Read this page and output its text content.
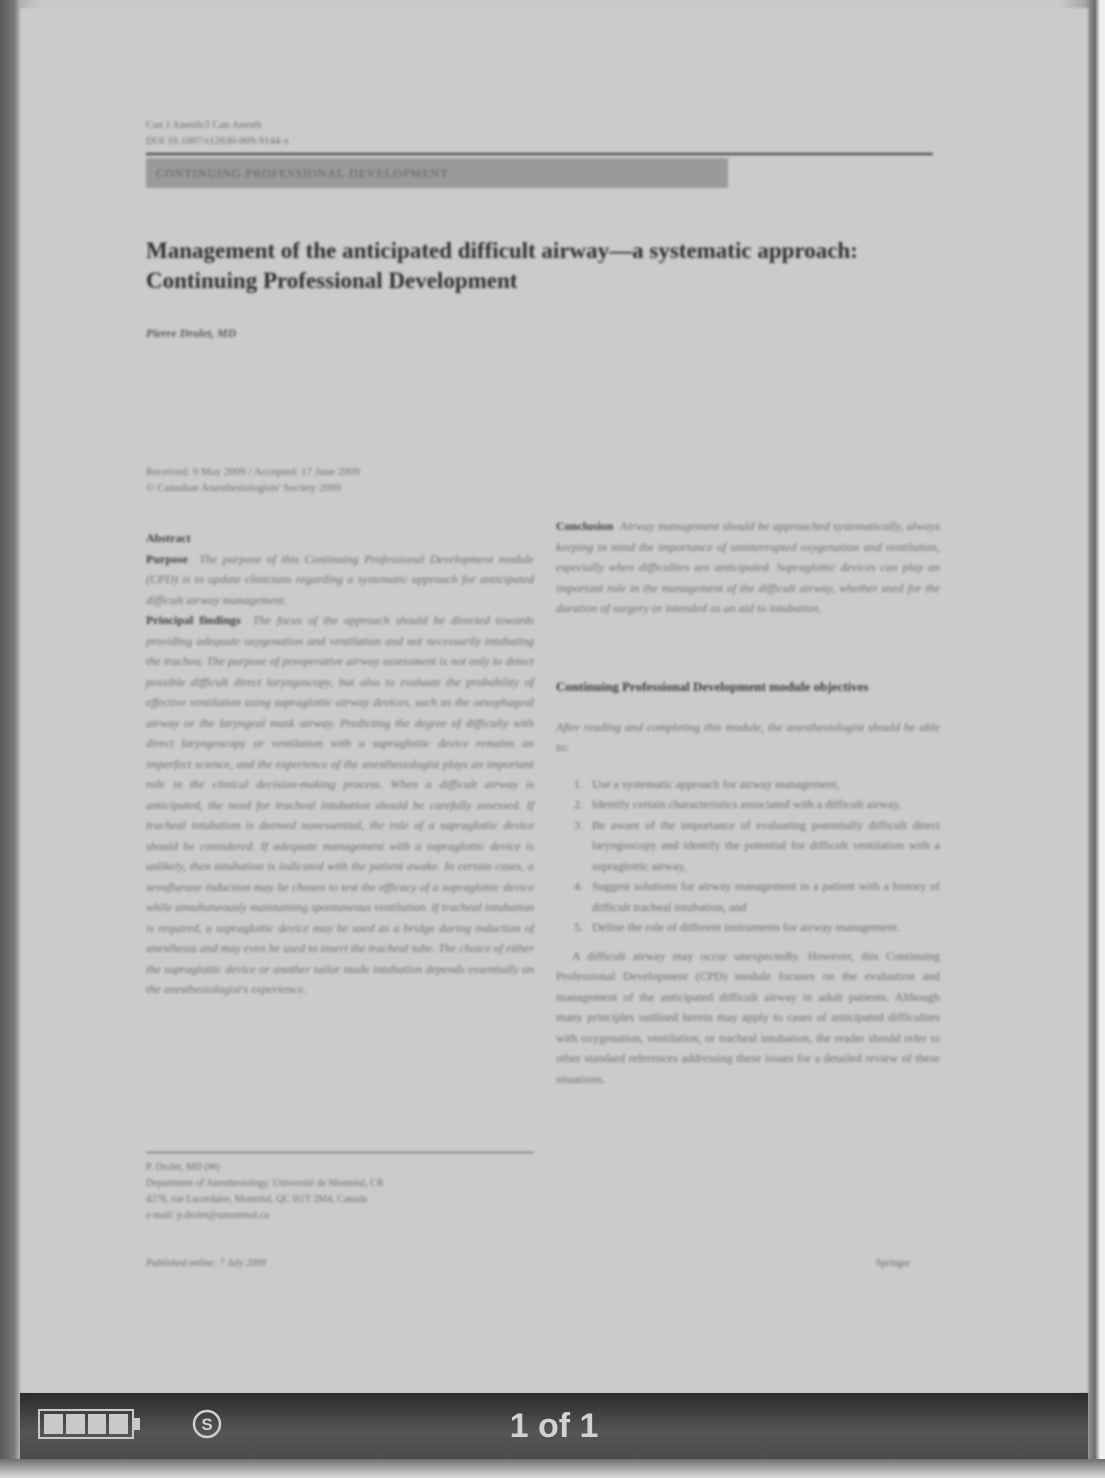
Can J Anesth/J Can Anesth
DOI 10.1007/s12630-009-9144-x
CONTINUING PROFESSIONAL DEVELOPMENT
Management of the anticipated difficult airway—a systematic approach: Continuing Professional Development
Pierre Drolet, MD
Received: 9 May 2009 / Accepted: 17 June 2009
© Canadian Anesthesiologists' Society 2009

Abstract

Purpose The purpose of this Continuing Professional Development module (CPD) is to update clinicians regarding a systematic approach for anticipated difficult airway management.

Principal findings The focus of the approach should be directed towards providing adequate oxygenation and ventilation and not necessarily intubating the trachea. The purpose of preoperative airway assessment is not only to detect possible difficult direct laryngoscopy, but also to evaluate the probability of effective ventilation using supraglottic airway devices, such as the oesophageal airway or the laryngeal mask airway. Predicting the degree of difficulty with direct laryngoscopy or ventilation with a supraglottic device remains an imperfect science, and the experience of the anesthesiologist plays an important role in the clinical decision-making process. When a difficult airway is anticipated, the need for tracheal intubation should be carefully assessed. If tracheal intubation is deemed nonessential, the role of a supraglottic device should be considered. If adequate management with a supraglottic device is unlikely, then intubation is indicated with the patient awake. In certain cases, a sevoflurane induction may be chosen to test the efficacy of a supraglottic device while simultaneously maintaining spontaneous ventilation. If tracheal intubation is required, a supraglottic device may be used as a bridge during induction of anesthesia and may even be used to insert the tracheal tube. The choice of either the supraglottic device or another tailor made intubation depends essentially on the anesthesiologist's experience.

Conclusion Airway management should be approached systematically, always keeping in mind the importance of uninterrupted oxygenation and ventilation, especially when difficulties are anticipated. Supraglottic devices can play an important role in the management of the difficult airway, whether used for the duration of surgery or intended as an aid to intubation.

Continuing Professional Development module objectives

After reading and completing this module, the anesthesiologist should be able to:

1. Use a systematic approach for airway management,
2. Identify certain characteristics associated with a difficult airway,
3. Be aware of the importance of evaluating potentially difficult direct laryngoscopy and identify the potential for difficult ventilation with a supraglottic airway,
4. Suggest solutions for airway management in a patient with a history of difficult tracheal intubation, and
5. Define the role of different instruments for airway management.

A difficult airway may occur unexpectedly. However, this Continuing Professional Development (CPD) module focuses on the evaluation and management of the anticipated difficult airway in adult patients. Although many principles outlined herein may apply to cases of anticipated difficulties with oxygenation, ventilation, or tracheal intubation, the reader should refer to other standard references addressing these issues for a detailed review of these situations.

P. Drolet, MD (✉)
Department of Anesthesiology, Université de Montréal, CR
4270, rue Lacordaire, Montréal, QC H1T 2M4, Canada
e-mail: p.drolet@umontreal.ca
Published online: 7 July 2009	Springer
S	1 of 1
